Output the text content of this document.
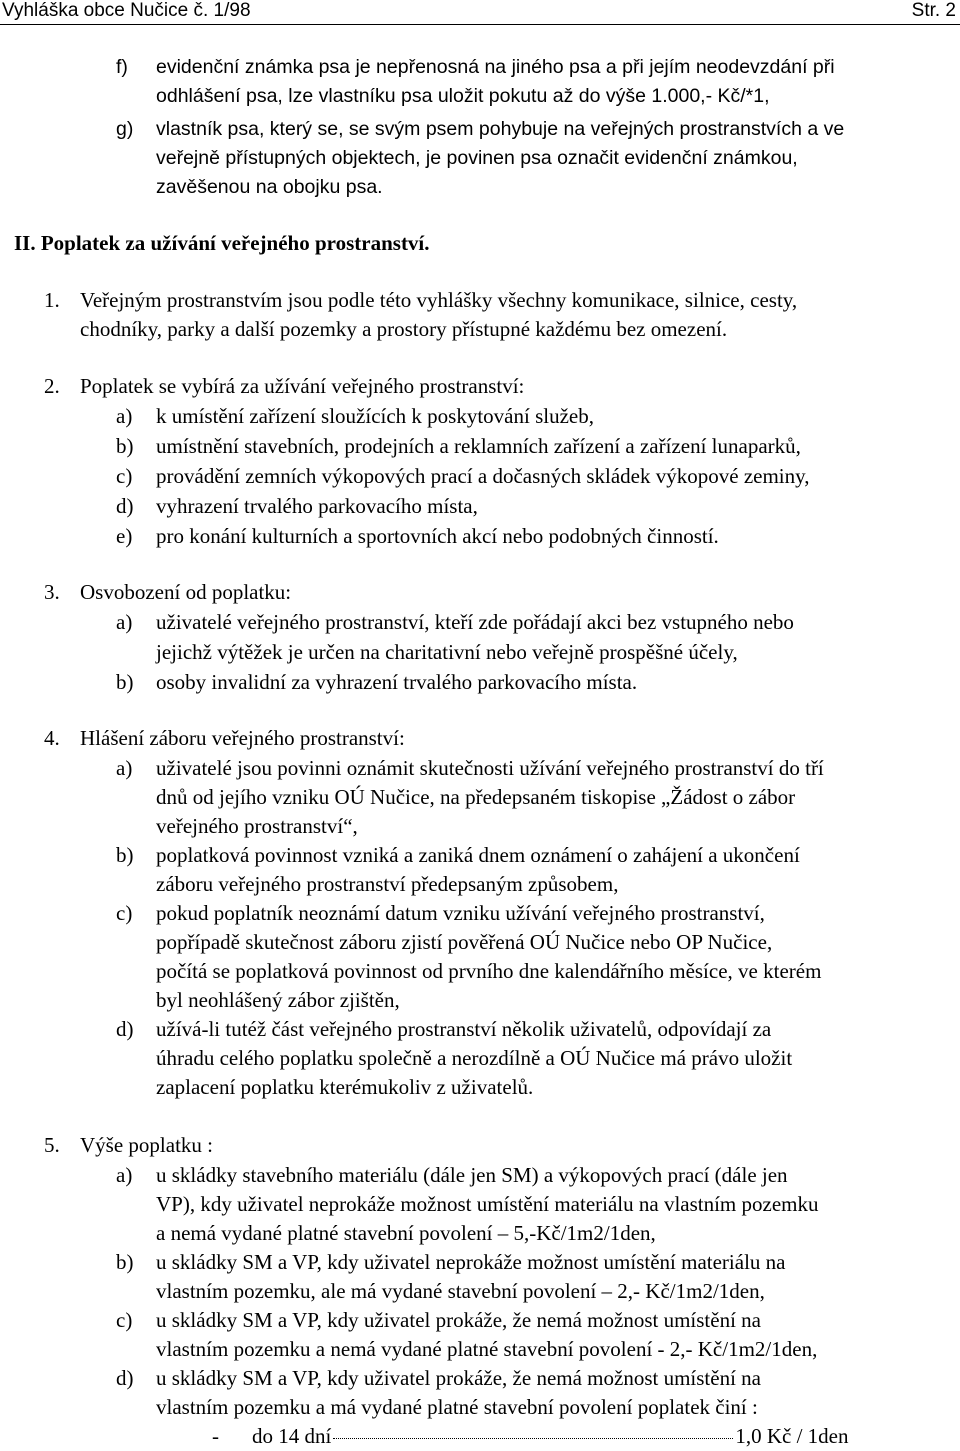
Vyhláška obce Nučice č. 1/98	Str. 2
f) evidenční známka psa je nepřenosná na jiného psa a při jejím neodevzdání při
odhlášení psa, lze vlastníku psa uložit pokutu až do výše 1.000,- Kč/*1,
g) vlastník psa, který se, se svým psem pohybuje na veřejných prostranstvích a ve
veřejně přístupných objektech, je povinen psa označit evidenční známkou,
zavěšenou na obojku psa.
II. Poplatek za užívání veřejného prostranství.
1. Veřejným prostranstvím jsou podle této vyhlášky všechny komunikace, silnice, cesty,
chodníky, parky a další pozemky a prostory přístupné každému bez omezení.
2. Poplatek se vybírá za užívání veřejného prostranství:
a) k umístění zařízení sloužících k poskytování služeb,
b) umístnění stavebních, prodejních a reklamních zařízení a zařízení lunaparků,
c) provádění zemních výkopových prací a dočasných skládek výkopové zeminy,
d) vyhrazení trvalého parkovacího místa,
e) pro konání kulturních a sportovních akcí nebo podobných činností.
3. Osvobození od poplatku:
a) uživatelé veřejného prostranství, kteří zde pořádají akci bez vstupného nebo
jejichž výtěžek je určen na charitativní nebo veřejně prospěšné účely,
b) osoby invalidní za vyhrazení trvalého parkovacího místa.
4. Hlášení záboru veřejného prostranství:
a) uživatelé jsou povinni oznámit skutečnosti užívání veřejného prostranství do tří
dnů od jejího vzniku OÚ Nučice, na předepsaném tiskopise „Žádost o zábor
veřejného prostranství“,
b) poplatková povinnost vzniká a zaniká dnem oznámení o zahájení a ukončení
záboru veřejného prostranství předepsaným způsobem,
c) pokud poplatník neoznámí datum vzniku užívání veřejného prostranství,
popřípadě skutečnost záboru zjistí pověřená OÚ Nučice nebo OP Nučice,
počítá se poplatková povinnost od prvního dne kalendářního měsíce, ve kterém
byl neohlášený zábor zjištěn,
d) užívá-li tutéž část veřejného prostranství několik uživatelů, odpovídají za
úhradu celého poplatku společně a nerozdílně a OÚ Nučice má právo uložit
zaplacení poplatku kterémukoliv z uživatelů.
5. Výše poplatku :
a) u skládky stavebního materiálu (dále jen SM) a výkopových prací (dále jen
VP), kdy uživatel neprokáže možnost umístění materiálu na vlastním pozemku
a nemá vydané platné stavební povolení – 5,-Kč/1m2/1den,
b) u skládky SM a VP, kdy uživatel neprokáže možnost umístění materiálu na
vlastním pozemku, ale má vydané stavební povolení – 2,- Kč/1m2/1den,
c) u skládky SM a VP, kdy uživatel prokáže, že nemá možnost umístění na
vlastním pozemku a nemá vydané platné stavební povolení - 2,- Kč/1m2/1den,
d) u skládky SM a VP, kdy uživatel prokáže, že nemá možnost umístění na
vlastním pozemku a má vydané platné stavební povolení poplatek činí :
- do 14 dní	1,0 Kč / 1den
